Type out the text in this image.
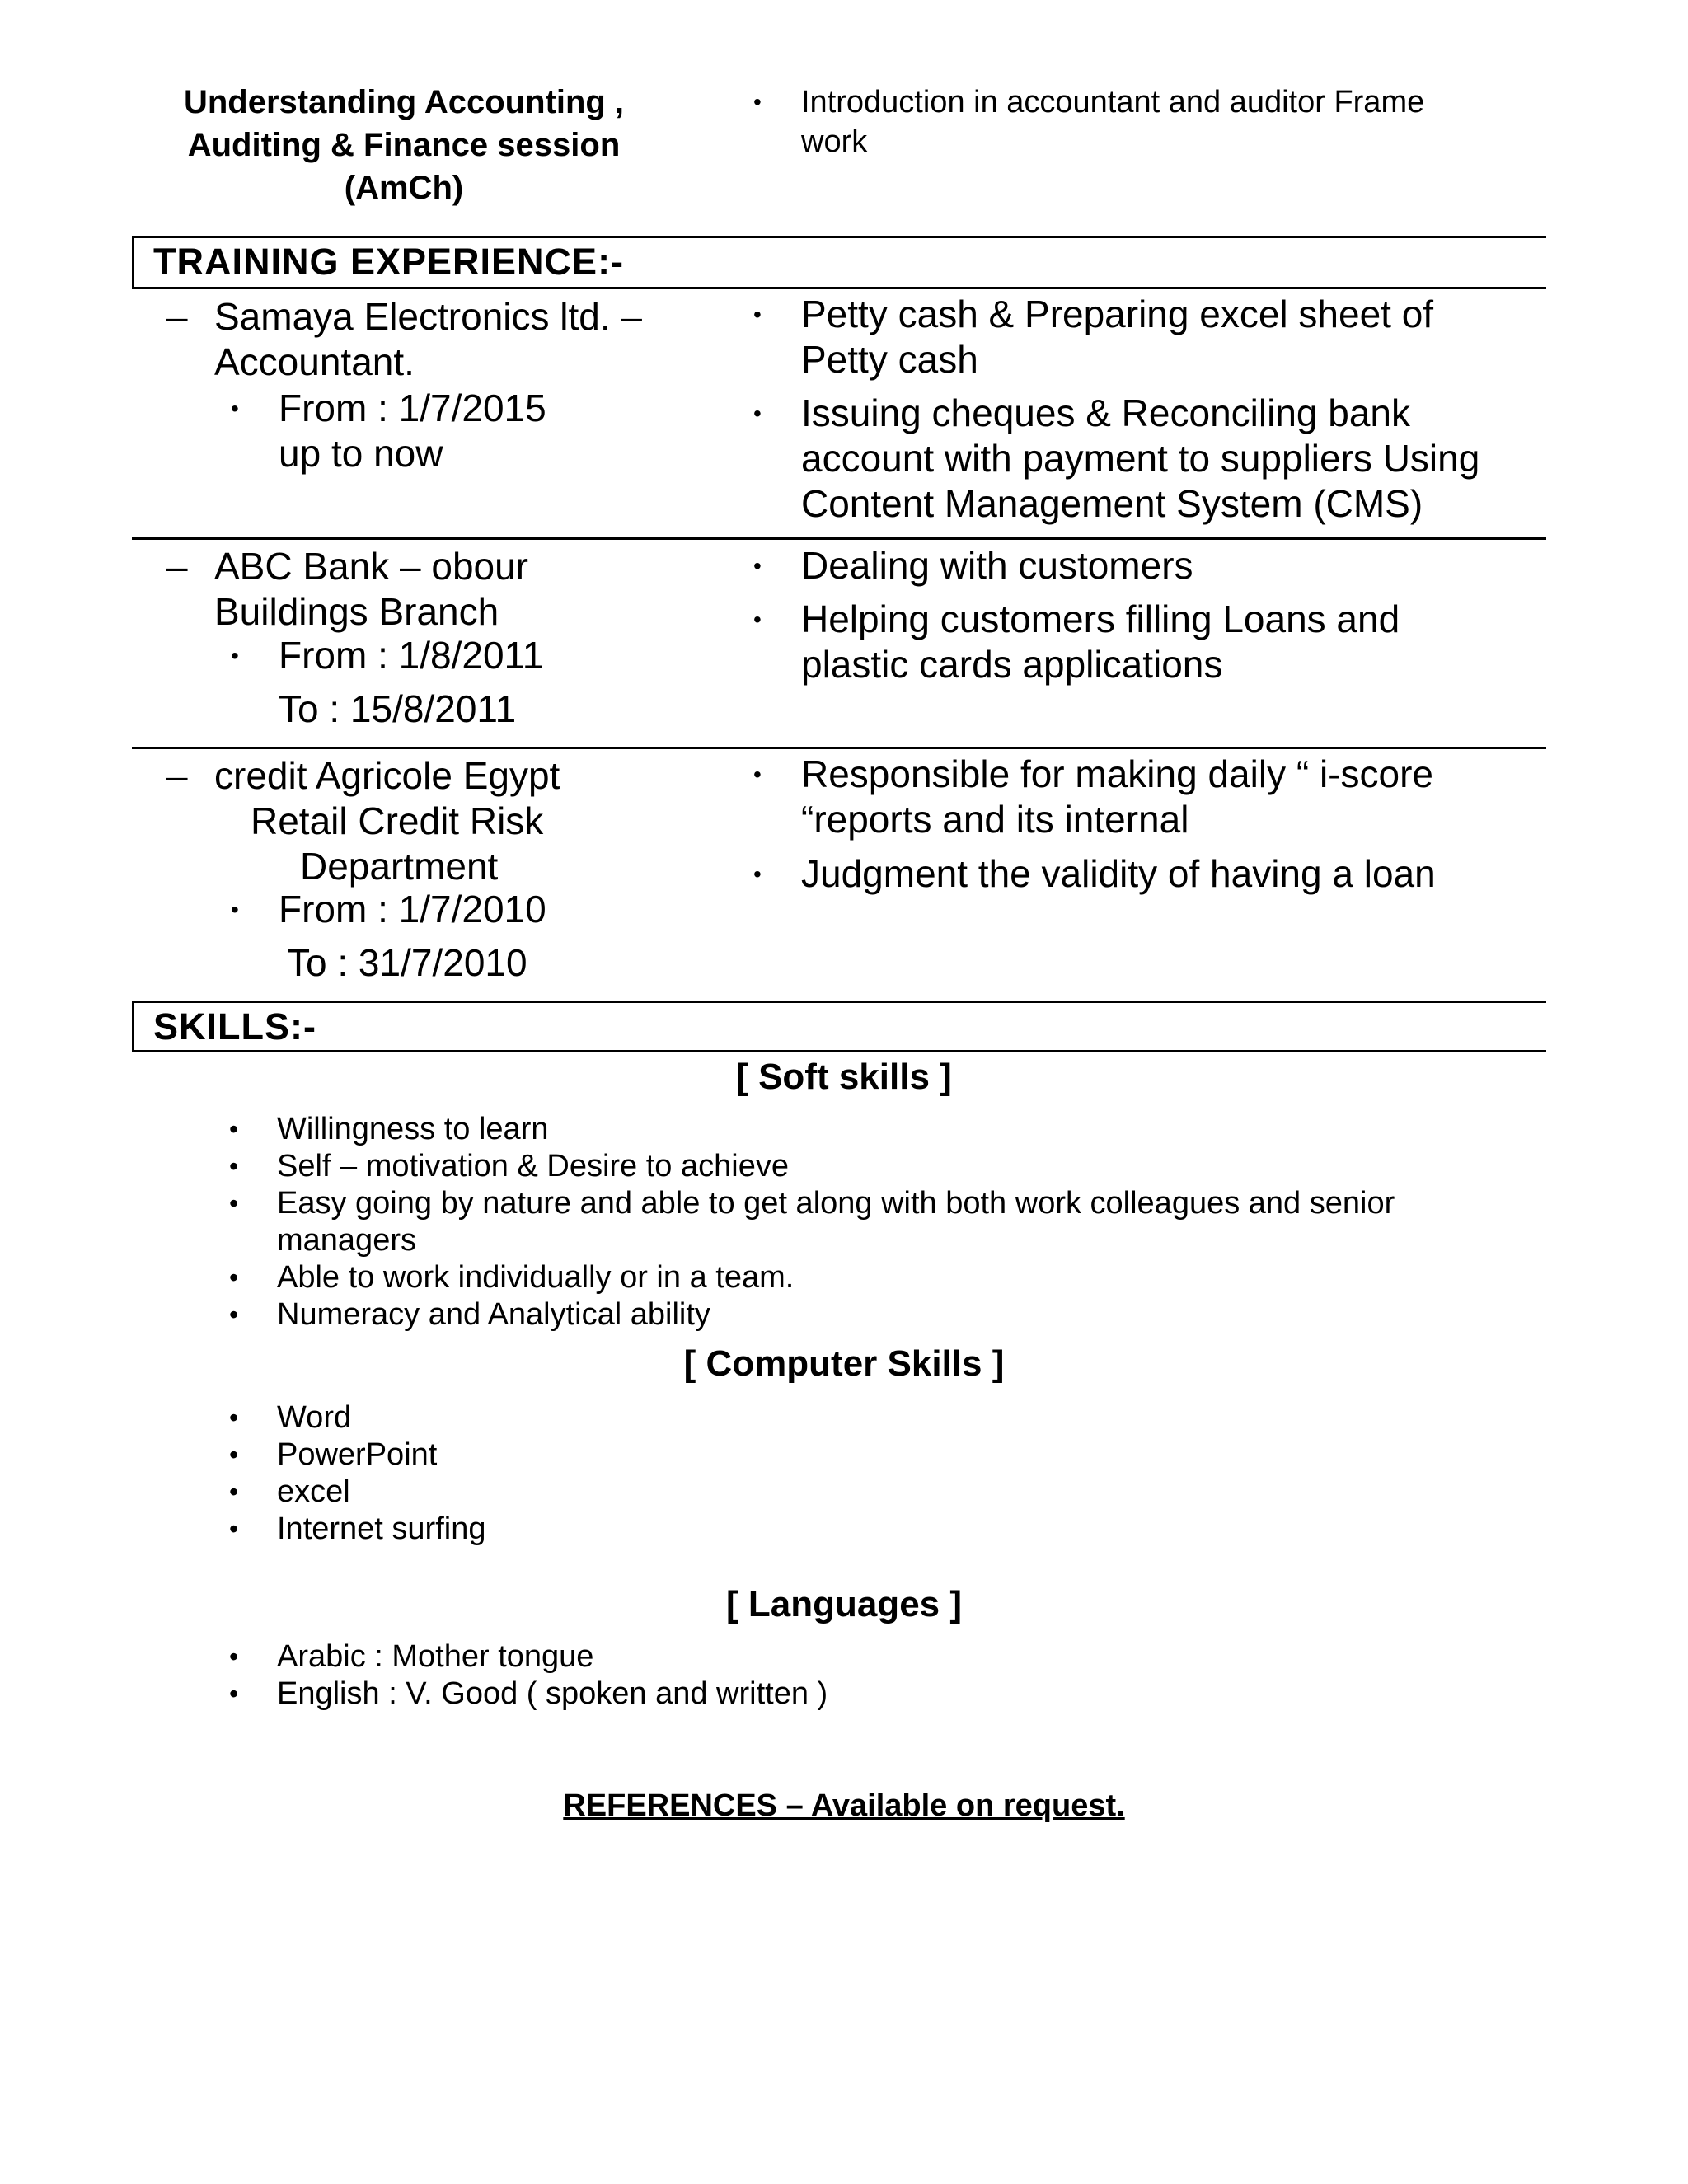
Understanding Accounting ,
Auditing & Finance session
(AmCh)
• Introduction in accountant and auditor Frame
work
TRAINING EXPERIENCE:-
– Samaya Electronics ltd. –
Accountant.
• From : 1/7/2015
up to now
• Petty cash & Preparing excel sheet of
Petty cash
• Issuing cheques & Reconciling bank
account with payment to suppliers Using
Content Management System (CMS)
– ABC Bank – obour
Buildings Branch
• From : 1/8/2011
To : 15/8/2011
• Dealing with customers
• Helping customers filling Loans and
plastic cards applications
– credit Agricole Egypt
Retail Credit Risk
Department
• From : 1/7/2010
To : 31/7/2010
• Responsible for making daily “ i-score
“reports and its internal
• Judgment the validity of having a loan
SKILLS:-
[ Soft skills ]
• Willingness to learn
• Self – motivation & Desire to achieve
• Easy going by nature and able to get along with both work colleagues and senior
managers
• Able to work individually or in a team.
• Numeracy and Analytical ability
[ Computer Skills ]
• Word
• PowerPoint
• excel
• Internet surfing
[ Languages ]
• Arabic : Mother tongue
• English : V. Good ( spoken and written )
REFERENCES – Available on request.
